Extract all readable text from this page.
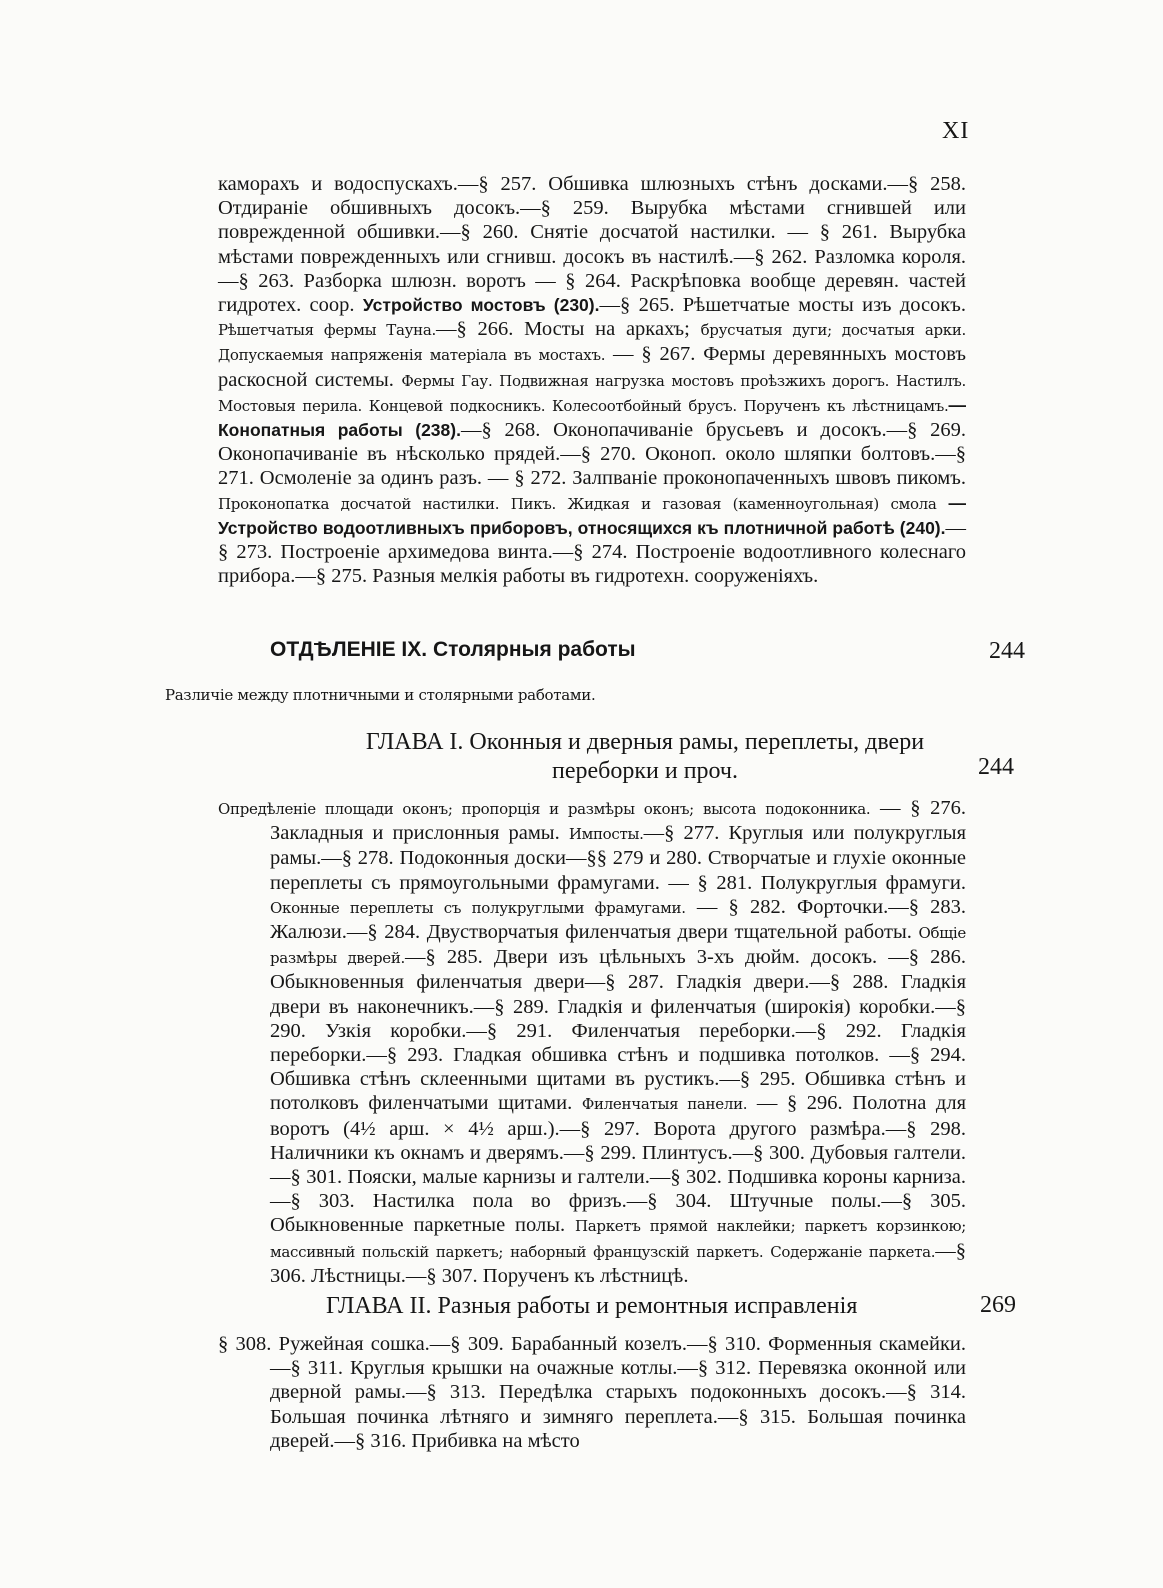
XI

каморахъ и водоспускахъ.—§ 257. Обшивка шлюзныхъ стѣнъ досками.—§ 258. Отдираніе обшивныхъ досокъ.—§ 259. Вырубка мѣстами сгнившей или поврежденной обшивки.—§ 260. Снятіе досчатой настилки. — § 261. Вырубка мѣстами поврежденныхъ или сгнивш. досокъ въ настилѣ.—§ 262. Разломка короля.—§ 263. Разборка шлюзн. воротъ — § 264. Раскрѣповка вообще деревян. частей гидротех. соор. Устройство мостовъ (230).—§ 265. Рѣшетчатые мосты изъ досокъ. Рѣшетчатыя фермы Тауна.—§ 266. Мосты на аркахъ; брусчатыя дуги; досчатыя арки. Допускаемыя напряженія матеріала въ мостахъ. — § 267. Фермы деревянныхъ мостовъ раскосной системы. Фермы Гау. Подвижная нагрузка мостовъ проѣзжихъ дорогъ. Настилъ. Мостовыя перила. Концевой подкосникъ. Колесоотбойный брусъ. Порученъ къ лѣстницамъ.—Конопатныя работы (238).—§ 268. Оконопачиваніе брусьевъ и досокъ.—§ 269. Оконопачиваніе въ нѣсколько прядей.—§ 270. Оконоп. около шляпки болтовъ.—§ 271. Осмоленіе за одинъ разъ. — § 272. Залпваніе проконопаченныхъ швовъ пикомъ. Проконопатка досчатой настилки. Пикъ. Жидкая и газовая (каменноугольная) смола — Устройство водоотливныхъ приборовъ, относящихся къ плотничной работѣ (240).—§ 273. Построеніе архимедова винта.—§ 274. Построеніе водоотливного колеснаго прибора.—§ 275. Разныя мелкія работы въ гидротехн. сооруженіяхъ.

ОТДѢЛЕНІЕ IX. Столярныя работы	244
Различіе между плотничными и столярными работами.
ГЛАВА I. Оконныя и дверныя рамы, переплеты, двери
переборки и проч.	244

Опредѣленіе площади оконъ; пропорція и размѣры оконъ; высота подоконника. — § 276. Закладныя и прислонныя рамы. Импосты.—§ 277. Круглыя или полукруглыя рамы.—§ 278. Подоконныя доски—§§ 279 и 280. Створчатые и глухіе оконные переплеты съ прямоугольными фрамугами. — § 281. Полукруглыя фрамуги. Оконные переплеты съ полукруглыми фрамугами. — § 282. Форточки.—§ 283. Жалюзи.—§ 284. Двустворчатыя филенчатыя двери тщательной работы. Общіе размѣры дверей.—§ 285. Двери изъ цѣльныхъ 3-хъ дюйм. досокъ. —§ 286. Обыкновенныя филенчатыя двери—§ 287. Гладкія двери.—§ 288. Гладкія двери въ наконечникъ.—§ 289. Гладкія и филенчатыя (широкія) коробки.—§ 290. Узкія коробки.—§ 291. Филенчатыя переборки.—§ 292. Гладкія переборки.—§ 293. Гладкая обшивка стѣнъ и подшивка потолков. —§ 294. Обшивка стѣнъ склеенными щитами въ рустикъ.—§ 295. Обшивка стѣнъ и потолковъ филенчатыми щитами. Филенчатыя панели. — § 296. Полотна для воротъ (4½ арш. × 4½ арш.).—§ 297. Ворота другого размѣра.—§ 298. Наличники къ окнамъ и дверямъ.—§ 299. Плинтусъ.—§ 300. Дубовыя галтели.—§ 301. Пояски, малые карнизы и галтели.—§ 302. Подшивка короны карниза.—§ 303. Настилка пола во фризъ.—§ 304. Штучные полы.—§ 305. Обыкновенные паркетные полы. Паркетъ прямой наклейки; паркетъ корзинкою; массивный польскій паркетъ; наборный французскій паркетъ. Содержаніе паркета.—§ 306. Лѣстницы.—§ 307. Порученъ къ лѣстницѣ.

ГЛАВА II. Разныя работы и ремонтныя исправленія	269

§ 308. Ружейная сошка.—§ 309. Барабанный козелъ.—§ 310. Форменныя скамейки.—§ 311. Круглыя крышки на очажные котлы.—§ 312. Перевязка оконной или дверной рамы.—§ 313. Передѣлка старыхъ подоконныхъ досокъ.—§ 314. Большая починка лѣтняго и зимняго переплета.—§ 315. Большая починка дверей.—§ 316. Прибивка на мѣсто
